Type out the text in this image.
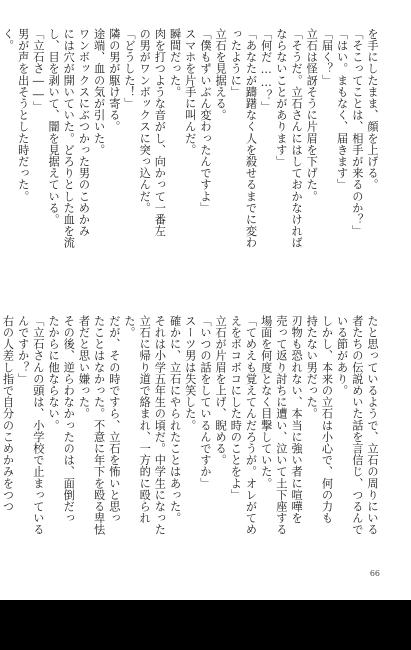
を手にしたまま、顔を上げる。
「そこってことは、相手が来るのか？」
「はい。まもなく、届きます」
「届く？」
立石は怪訝そうに片眉を下げた。
「そうだ。立石さんにはしておかなければ
ならないことがあります」
「何だ……？」
「あなたが躊躇なく人を殺せるまでに変わ
ったように」
立石を見据える。
「僕もずいぶん変わったんですよ」
スマホを片手に叫んだ。
瞬間だった。
肉を打つような音がし、向かって一番左
の男がワンボックスに突っ込んだ。
「どうした！」
隣の男が駆け寄る。
途端、血の気が引いた。
ワンボックスにぶつかった男のこめかみ
には穴が開いていた。どろりとした血を流
し、目を剥いて、闇を見据えている。
「立石さ――」
男が声を出そうとした時だった。
く。
たと思っているようで、立石の周りにいる
者たちの伝説めいた話を言信じ、つるんで
いる節があり。
しかし、本来の立石は小心で、何の力も
持たない男だった。
刃物も恐れない、本当に強い者に喧嘩を
売って返り討ちに遭い、泣いて土下座する
場面を何度となく目撃していた。
「てめえも覚えてんだろうが。オレがてめ
えをボコボコにした時のことをよ」
立石が片眉を上げ、睨める。
「いつの話をしているんですか」
スーツ男は失笑した。
確かに、立石にやられたことはあった。
それは小学五年生の頃だ。中学生になった
立石に帰り道で絡まれ、一方的に殴られ
た。
だが、その時ですら、立石を怖いと思っ
たことはなかった。不意に年下を殴る卑怯
者だと思い嫌った。
その後、逆らわなかったのは、面倒だっ
たからに他ならない。
「立石さんの頭は、小学校で止まっている
んですか？」
右の人差し指で自分のこめかみをつつ
66
